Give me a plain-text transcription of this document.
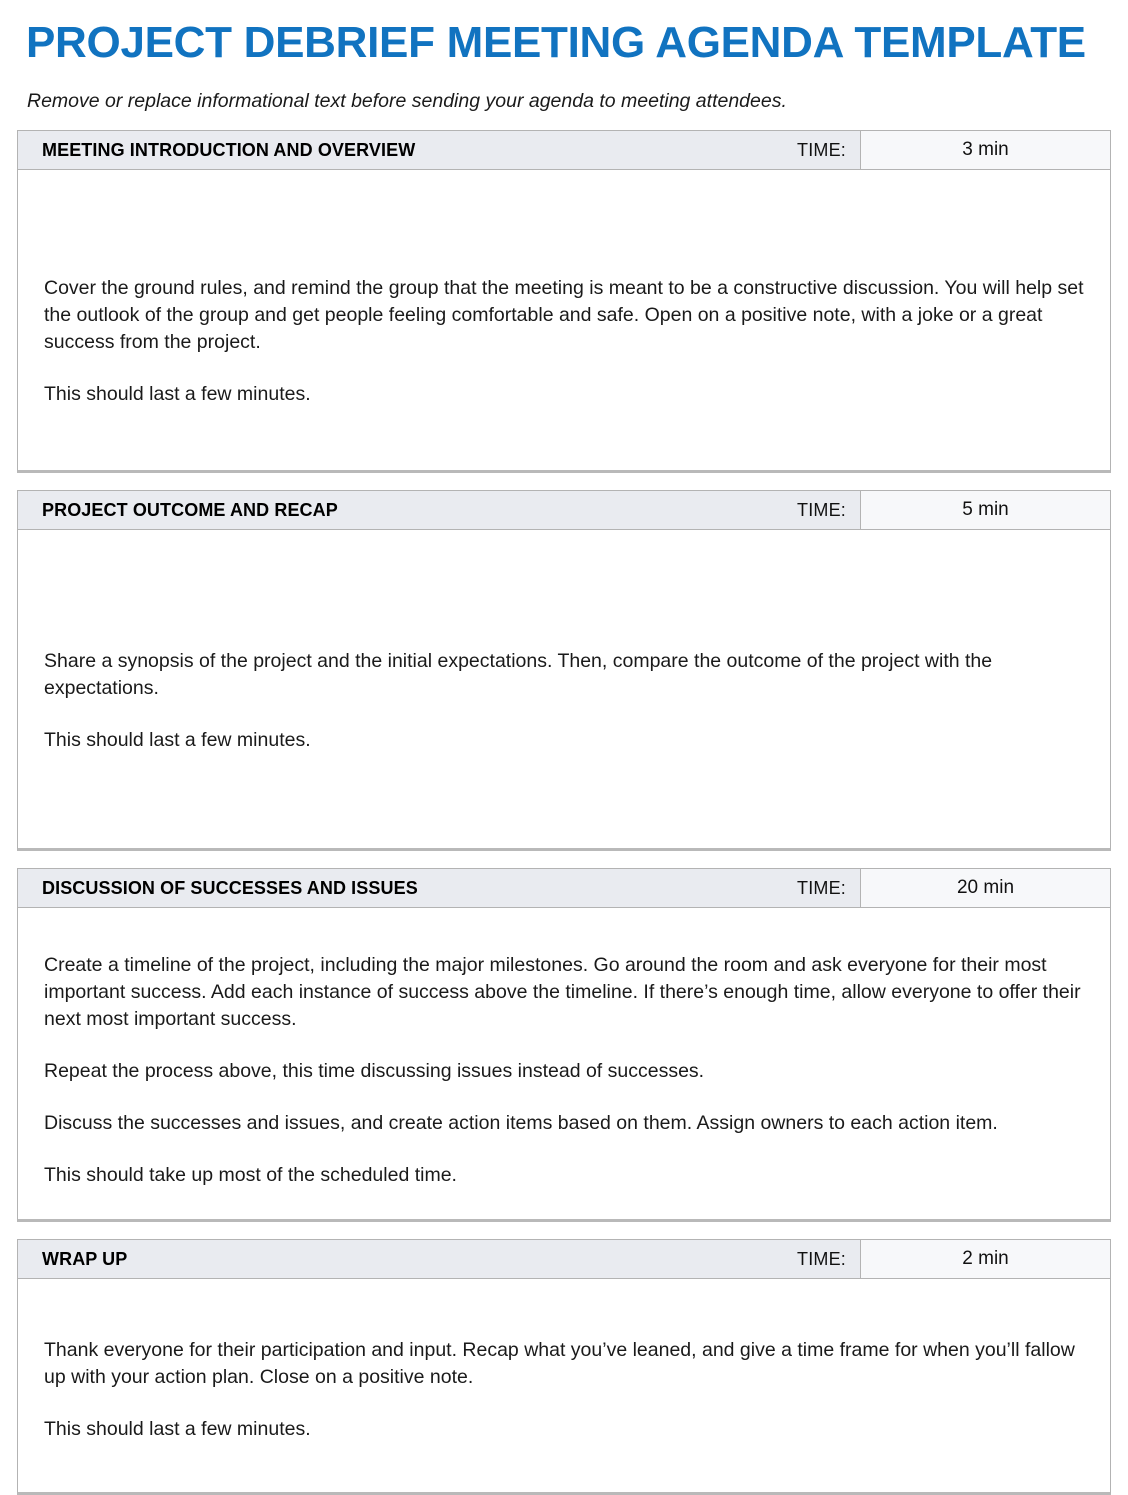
PROJECT DEBRIEF MEETING AGENDA TEMPLATE

Remove or replace informational text before sending your agenda to meeting attendees.

MEETING INTRODUCTION AND OVERVIEW	TIME:	3 min

Cover the ground rules, and remind the group that the meeting is meant to be a constructive discussion. You will help set the outlook of the group and get people feeling comfortable and safe. Open on a positive note, with a joke or a great success from the project.

This should last a few minutes.

PROJECT OUTCOME AND RECAP	TIME:	5 min

Share a synopsis of the project and the initial expectations. Then, compare the outcome of the project with the expectations.

This should last a few minutes.

DISCUSSION OF SUCCESSES AND ISSUES	TIME:	20 min

Create a timeline of the project, including the major milestones. Go around the room and ask everyone for their most important success. Add each instance of success above the timeline. If there’s enough time, allow everyone to offer their next most important success.

Repeat the process above, this time discussing issues instead of successes.

Discuss the successes and issues, and create action items based on them. Assign owners to each action item.

This should take up most of the scheduled time.

WRAP UP	TIME:	2 min

Thank everyone for their participation and input. Recap what you’ve leaned, and give a time frame for when you’ll fallow up with your action plan. Close on a positive note.

This should last a few minutes.
